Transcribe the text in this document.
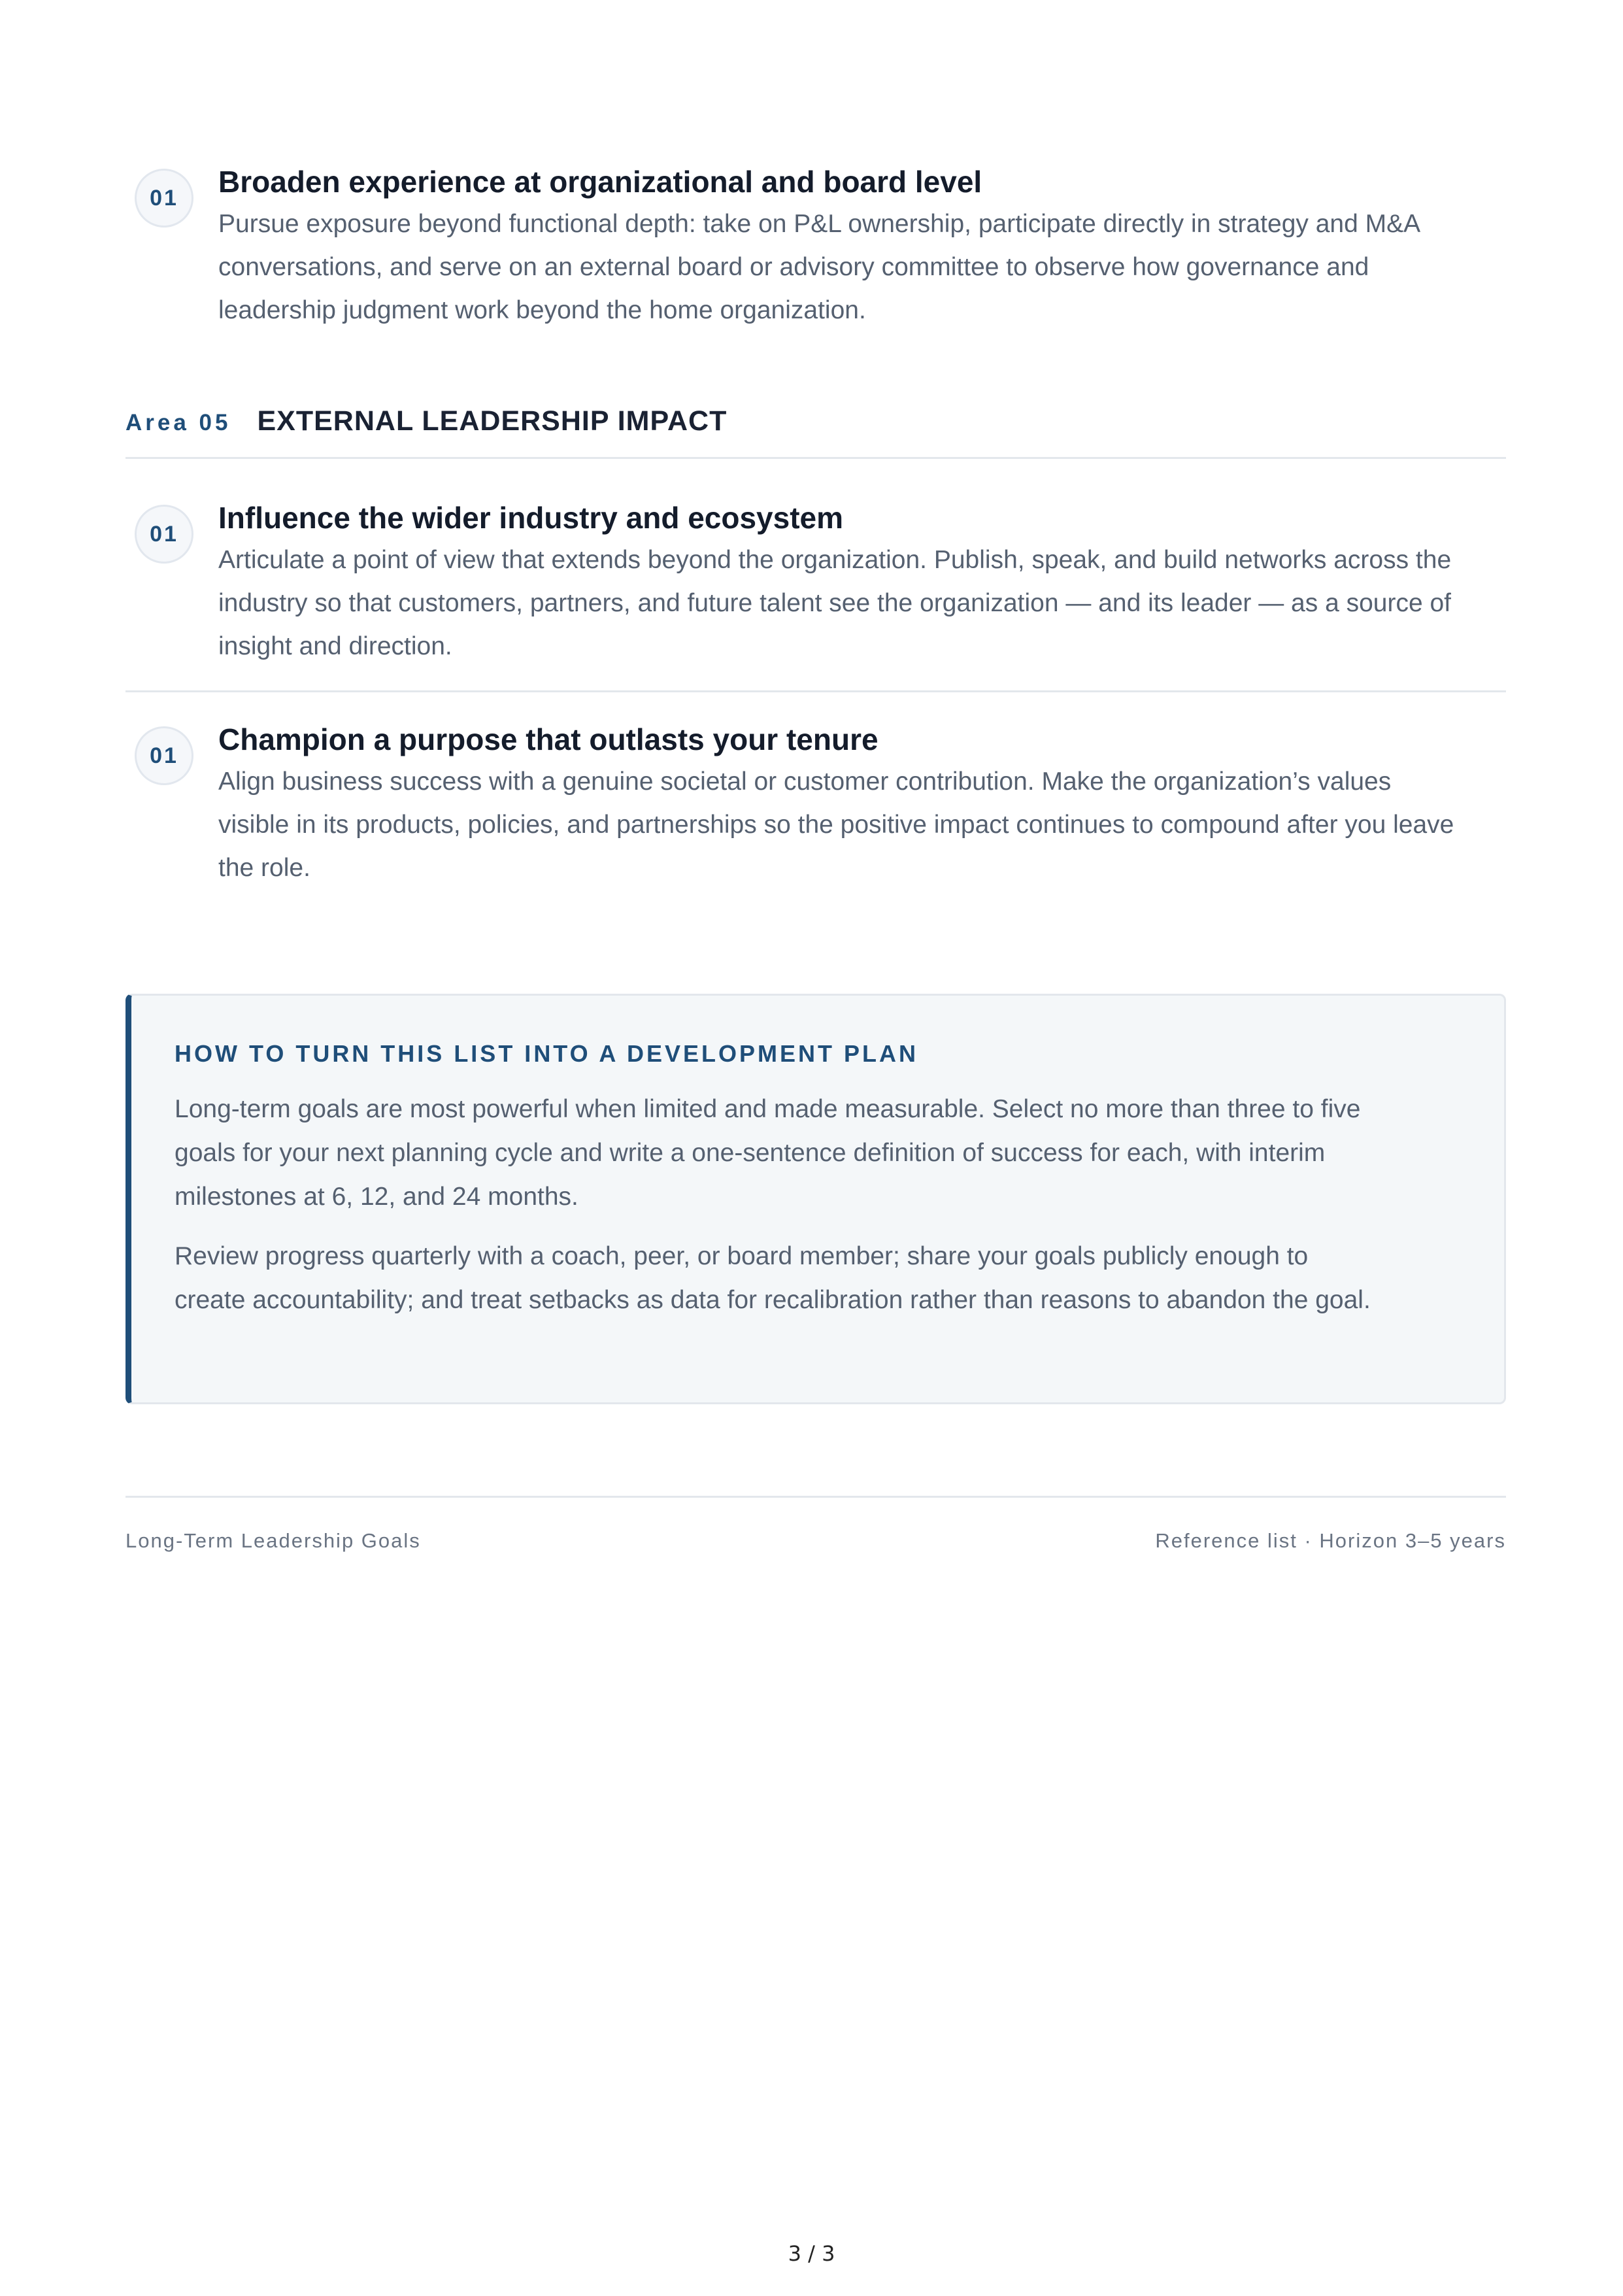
01	Broaden experience at organizational and board level

Pursue exposure beyond functional depth: take on P&L ownership, participate directly in strategy and M&A conversations, and serve on an external board or advisory committee to observe how governance and leadership judgment work beyond the home organization.

Area 05 EXTERNAL LEADERSHIP IMPACT
01	Influence the wider industry and ecosystem

Articulate a point of view that extends beyond the organization. Publish, speak, and build networks across the industry so that customers, partners, and future talent see the organization — and its leader — as a source of insight and direction.

01	Champion a purpose that outlasts your tenure

Align business success with a genuine societal or customer contribution. Make the organization’s values visible in its products, policies, and partnerships so the positive impact continues to compound after you leave the role.

HOW TO TURN THIS LIST INTO A DEVELOPMENT PLAN

Long-term goals are most powerful when limited and made measurable. Select no more than three to five goals for your next planning cycle and write a one-sentence definition of success for each, with interim milestones at 6, 12, and 24 months.

Review progress quarterly with a coach, peer, or board member; share your goals publicly enough to create accountability; and treat setbacks as data for recalibration rather than reasons to abandon the goal.

Long-Term Leadership Goals	Reference list · Horizon 3–5 years
3 / 3
